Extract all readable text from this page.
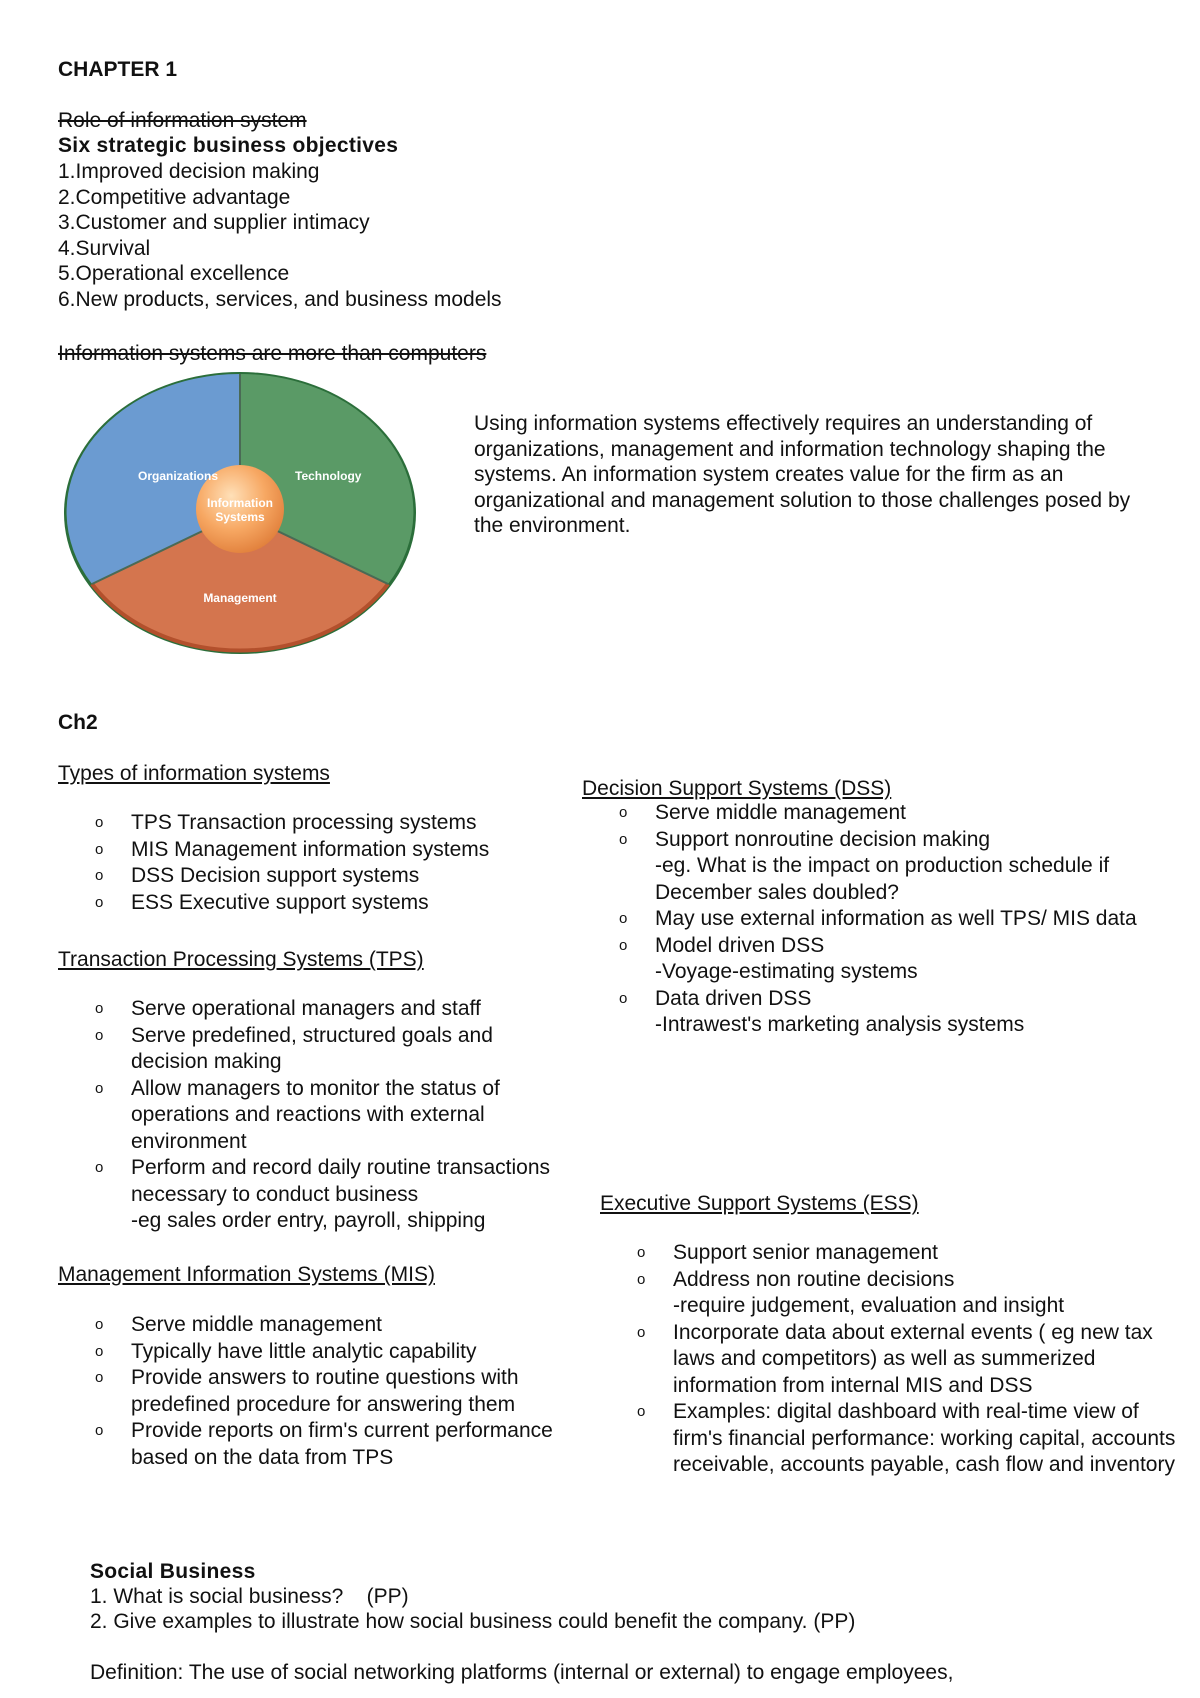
CHAPTER 1
Role of information system
Six strategic business objectives
1.Improved decision making
2.Competitive advantage
3.Customer and supplier intimacy
4.Survival
5.Operational excellence
6.New products, services, and business models
Information systems are more than computers
Organizations	Technology
Management
Information
Systems
Using information systems effectively requires an understanding of organizations, management and information technology shaping the systems. An information system creates value for the firm as an organizational and management solution to those challenges posed by the environment.
Ch2
Types of information systems
o TPS Transaction processing systems
o MIS Management information systems
o DSS Decision support systems
o ESS Executive support systems
Transaction Processing Systems (TPS)
o Serve operational managers and staff
o Serve predefined, structured goals and decision making
o Allow managers to monitor the status of operations and reactions with external environment
o Perform and record daily routine transactions necessary to conduct business
-eg sales order entry, payroll, shipping
Management Information Systems (MIS)
o Serve middle management
o Typically have little analytic capability
o Provide answers to routine questions with predefined procedure for answering them
o Provide reports on firm's current performance
based on the data from TPS
Decision Support Systems (DSS)
o Serve middle management
o Support nonroutine decision making
-eg. What is the impact on production schedule if December sales doubled?
o May use external information as well TPS/ MIS data
o Model driven DSS
-Voyage-estimating systems
o Data driven DSS
-Intrawest's marketing analysis systems
Executive Support Systems (ESS)
o Support senior management
o Address non routine decisions
-require judgement, evaluation and insight
o Incorporate data about external events ( eg new tax laws and competitors) as well as summerized information from internal MIS and DSS
o Examples: digital dashboard with real-time view of firm's financial performance: working capital, accounts receivable, accounts payable, cash flow and inventory
Social Business
1. What is social business?    (PP)
2. Give examples to illustrate how social business could benefit the company. (PP)
Definition: The use of social networking platforms (internal or external) to engage employees,
